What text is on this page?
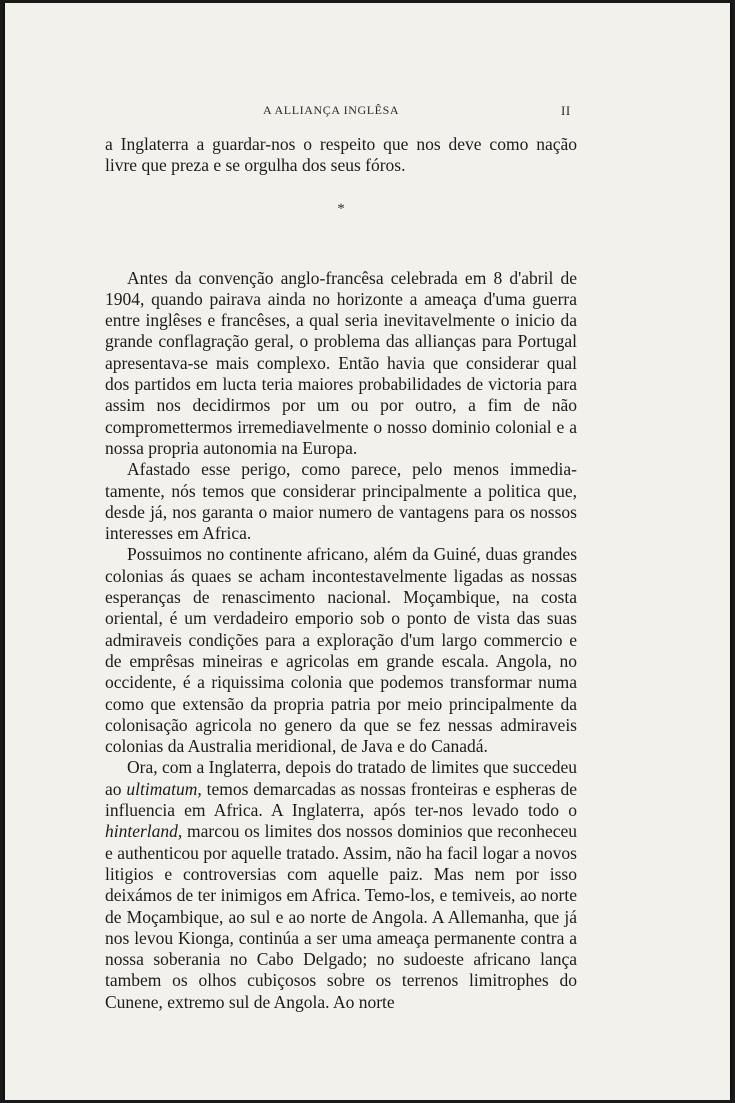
A ALLIANÇA INGLÊSA	II

a Inglaterra a guardar-nos o respeito que nos deve como nação livre que preza e se orgulha dos seus fóros.

*

Antes da convenção anglo-francêsa celebrada em 8 d'abril de 1904, quando pairava ainda no horizonte a ameaça d'uma guerra entre inglêses e francêses, a qual seria inevitavelmente o inicio da grande conflagração geral, o problema das allianças para Portugal apresentava-se mais complexo. Então havia que considerar qual dos partidos em lucta teria maiores probabilidades de victoria para assim nos decidirmos por um ou por outro, a fim de não compromettermos irremediavelmente o nosso dominio colonial e a nossa propria autonomia na Europa.

Afastado esse perigo, como parece, pelo menos immediatamente, nós temos que considerar principalmente a politica que, desde já, nos garanta o maior numero de vantagens para os nossos interesses em Africa.

Possuimos no continente africano, além da Guiné, duas grandes colonias ás quaes se acham incontestavelmente ligadas as nossas esperanças de renascimento nacional. Moçambique, na costa oriental, é um verdadeiro emporio sob o ponto de vista das suas admiraveis condições para a exploração d'um largo commercio e de emprêsas mineiras e agricolas em grande escala. Angola, no occidente, é a riquissima colonia que podemos transformar numa como que extensão da propria patria por meio principalmente da colonisação agricola no genero da que se fez nessas admiraveis colonias da Australia meridional, de Java e do Canadá.

Ora, com a Inglaterra, depois do tratado de limites que succedeu ao ultimatum, temos demarcadas as nossas fronteiras e espheras de influencia em Africa. A Inglaterra, após ter-nos levado todo o hinterland, marcou os limites dos nossos dominios que reconheceu e authenticou por aquelle tratado. Assim, não ha facil logar a novos litigios e controversias com aquelle paiz. Mas nem por isso deixámos de ter inimigos em Africa. Temo-los, e temiveis, ao norte de Moçambique, ao sul e ao norte de Angola. A Allemanha, que já nos levou Kionga, continúa a ser uma ameaça permanente contra a nossa soberania no Cabo Delgado; no sudoeste africano lança tambem os olhos cubiçosos sobre os terrenos limitrophes do Cunene, extremo sul de Angola. Ao norte
